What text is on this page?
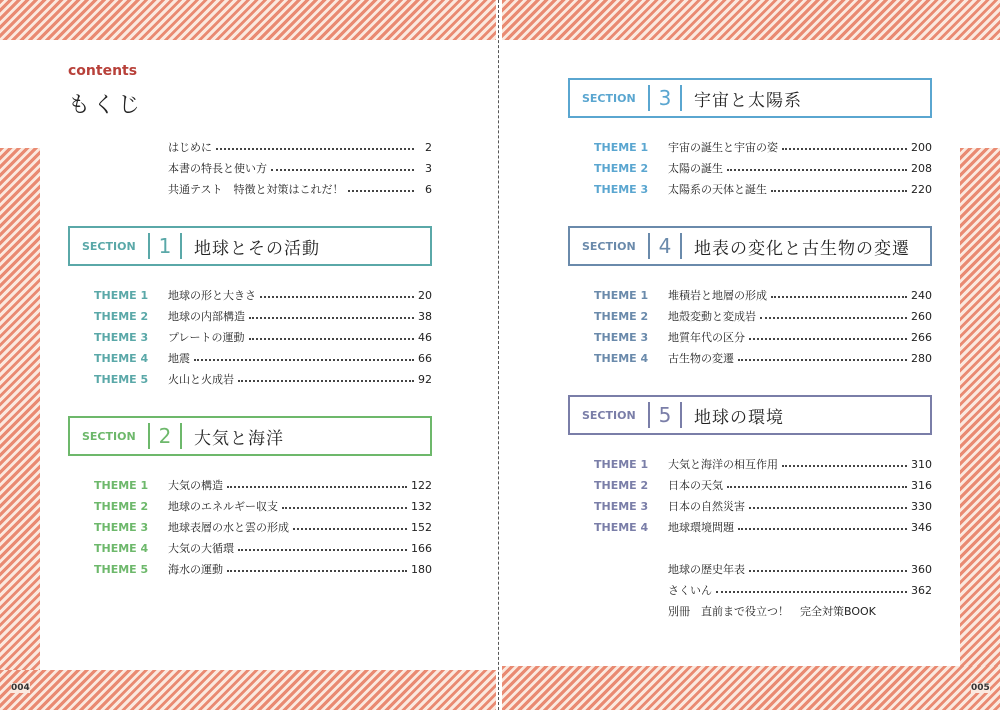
004	005
contents
もくじ
はじめに	2
本書の特長と使い方	3
共通テスト　特徴と対策はこれだ！	6
SECTION	1	地球とその活動
THEME 1	地球の形と大きさ	20
THEME 2	地球の内部構造	38
THEME 3	プレートの運動	46
THEME 4	地震	66
THEME 5	火山と火成岩	92
SECTION	2	大気と海洋
THEME 1	大気の構造	122
THEME 2	地球のエネルギー収支	132
THEME 3	地球表層の水と雲の形成	152
THEME 4	大気の大循環	166
THEME 5	海水の運動	180
SECTION	3	宇宙と太陽系
THEME 1	宇宙の誕生と宇宙の姿	200
THEME 2	太陽の誕生	208
THEME 3	太陽系の天体と誕生	220
SECTION	4	地表の変化と古生物の変遷
THEME 1	堆積岩と地層の形成	240
THEME 2	地殻変動と変成岩	260
THEME 3	地質年代の区分	266
THEME 4	古生物の変遷	280
SECTION	5	地球の環境
THEME 1	大気と海洋の相互作用	310
THEME 2	日本の天気	316
THEME 3	日本の自然災害	330
THEME 4	地球環境問題	346
地球の歴史年表	360
さくいん	362
別冊　直前まで役立つ！　完全対策BOOK
